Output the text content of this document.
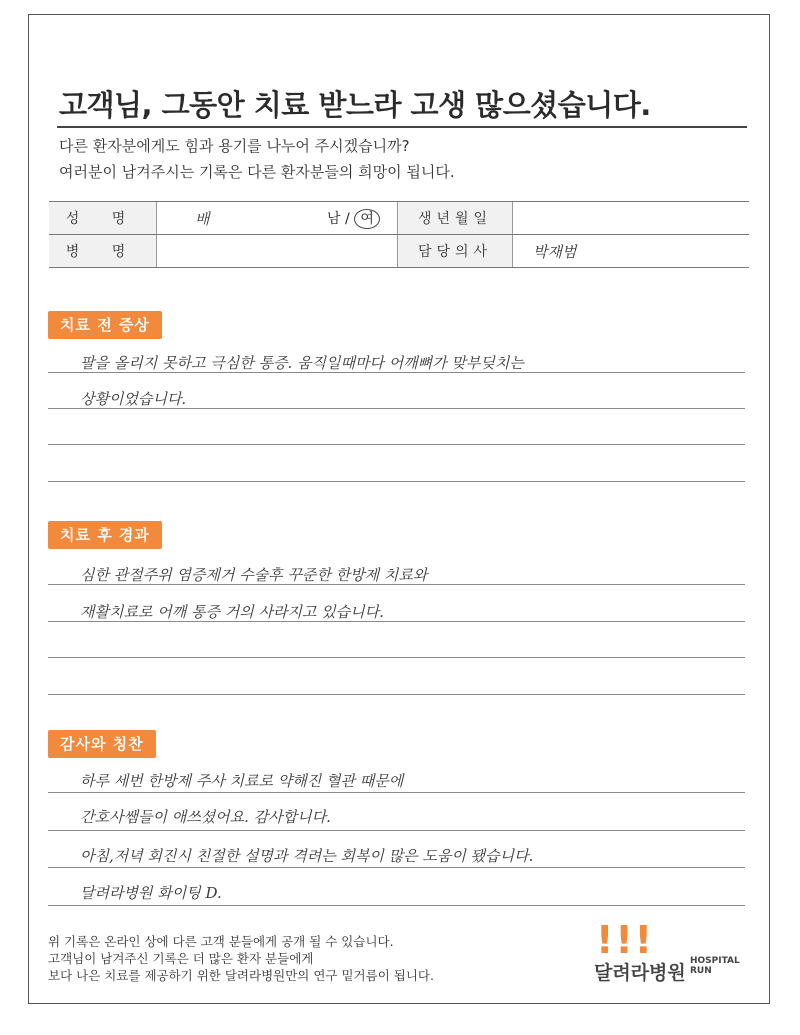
고객님, 그동안 치료 받느라 고생 많으셨습니다.
다른 환자분에게도 힘과 용기를 나누어 주시겠습니까?
여러분이 남겨주시는 기록은 다른 환자분들의 희망이 됩니다.
성 명	배 남 / 여	생년월일	
병 명		담당의사	박재범
치료 전 증상
팔을 올리지 못하고 극심한 통증. 움직일때마다 어깨뼈가 맞부딪치는
상황이었습니다.
치료 후 경과
심한 관절주위 염증제거 수술후 꾸준한 한방제 치료와
재활치료로 어깨 통증 거의 사라지고 있습니다.
감사와 칭찬
하루 세번 한방제 주사 치료로 약해진 혈관 때문에
간호사쌤들이 애쓰셨어요. 감사합니다.
아침,저녁 회진시 친절한 설명과 격려는 회복이 많은 도움이 됐습니다.
달려라병원 화이팅 D.
위 기록은 온라인 상에 다른 고객 분들에게 공개 될 수 있습니다.
고객님이 남겨주신 기록은 더 많은 환자 분들에게
보다 나은 치료를 제공하기 위한 달려라병원만의 연구 밑거름이 됩니다.
!!!
달려라병원
HOSPITAL
RUN
